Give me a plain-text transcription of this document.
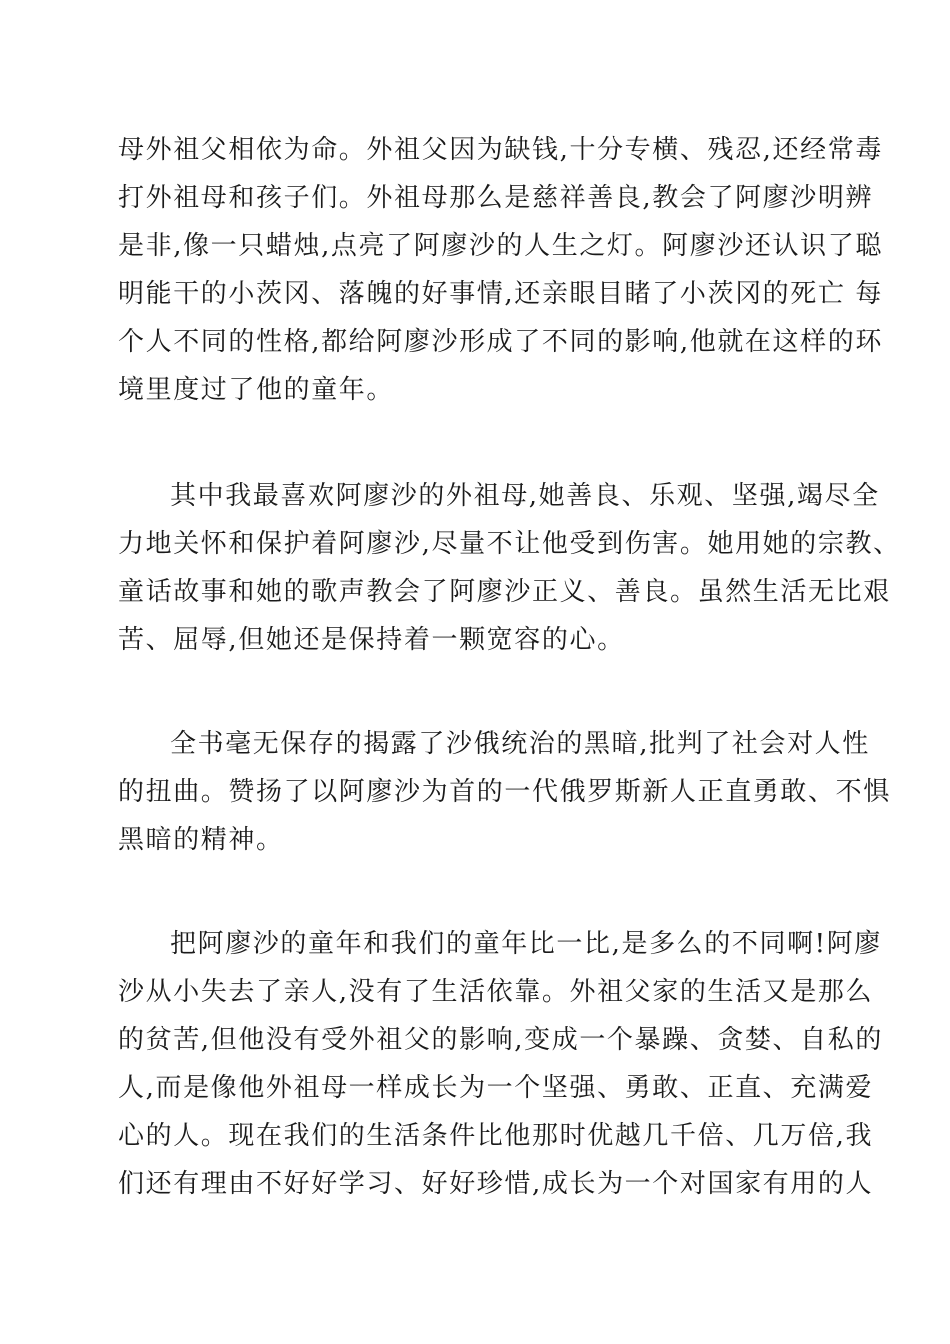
母外祖父相依为命。外祖父因为缺钱,十分专横、残忍,还经常毒
打外祖母和孩子们。外祖母那么是慈祥善良,教会了阿廖沙明辨
是非,像一只蜡烛,点亮了阿廖沙的人生之灯。阿廖沙还认识了聪
明能干的小茨冈、落魄的好事情,还亲眼目睹了小茨冈的死亡 每
个人不同的性格,都给阿廖沙形成了不同的影响,他就在这样的环
境里度过了他的童年。
其中我最喜欢阿廖沙的外祖母,她善良、乐观、坚强,竭尽全
力地关怀和保护着阿廖沙,尽量不让他受到伤害。她用她的宗教、
童话故事和她的歌声教会了阿廖沙正义、善良。虽然生活无比艰
苦、屈辱,但她还是保持着一颗宽容的心。
全书毫无保存的揭露了沙俄统治的黑暗,批判了社会对人性
的扭曲。赞扬了以阿廖沙为首的一代俄罗斯新人正直勇敢、不惧
黑暗的精神。
把阿廖沙的童年和我们的童年比一比,是多么的不同啊!阿廖
沙从小失去了亲人,没有了生活依靠。外祖父家的生活又是那么
的贫苦,但他没有受外祖父的影响,变成一个暴躁、贪婪、自私的
人,而是像他外祖母一样成长为一个坚强、勇敢、正直、充满爱
心的人。现在我们的生活条件比他那时优越几千倍、几万倍,我
们还有理由不好好学习、好好珍惜,成长为一个对国家有用的人
